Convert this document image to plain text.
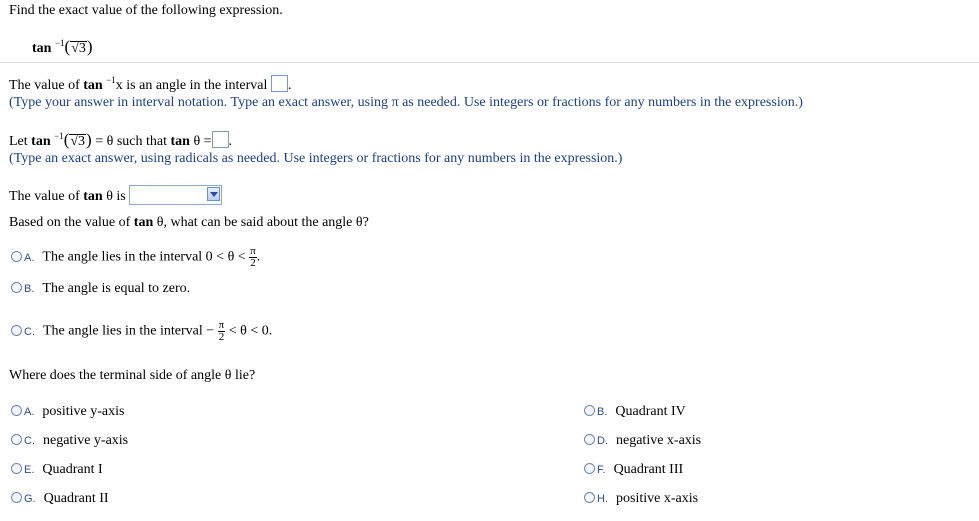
Find the exact value of the following expression.
tan $^{-1}$(√3)
The value of tan $^{-1}$x is an angle in the interval .
(Type your answer in interval notation. Type an exact answer, using π as needed. Use integers or fractions for any numbers in the expression.)
Let tan $^{-1}$(√3) = θ such that tan θ = .
(Type an exact answer, using radicals as needed. Use integers or fractions for any numbers in the expression.)
The value of tan θ is
Based on the value of tan θ, what can be said about the angle θ?
A. The angle lies in the interval $0 < \theta < \frac{\pi}{2}$ .
B. The angle is equal to zero.
C. The angle lies in the interval − $\frac{\pi}{2} < \theta < 0$.
Where does the terminal side of angle θ lie?
A. positive y-axis
C. negative y-axis
E. Quadrant I
G. Quadrant II
B. Quadrant IV
D. negative x-axis
F. Quadrant III
H. positive x-axis
